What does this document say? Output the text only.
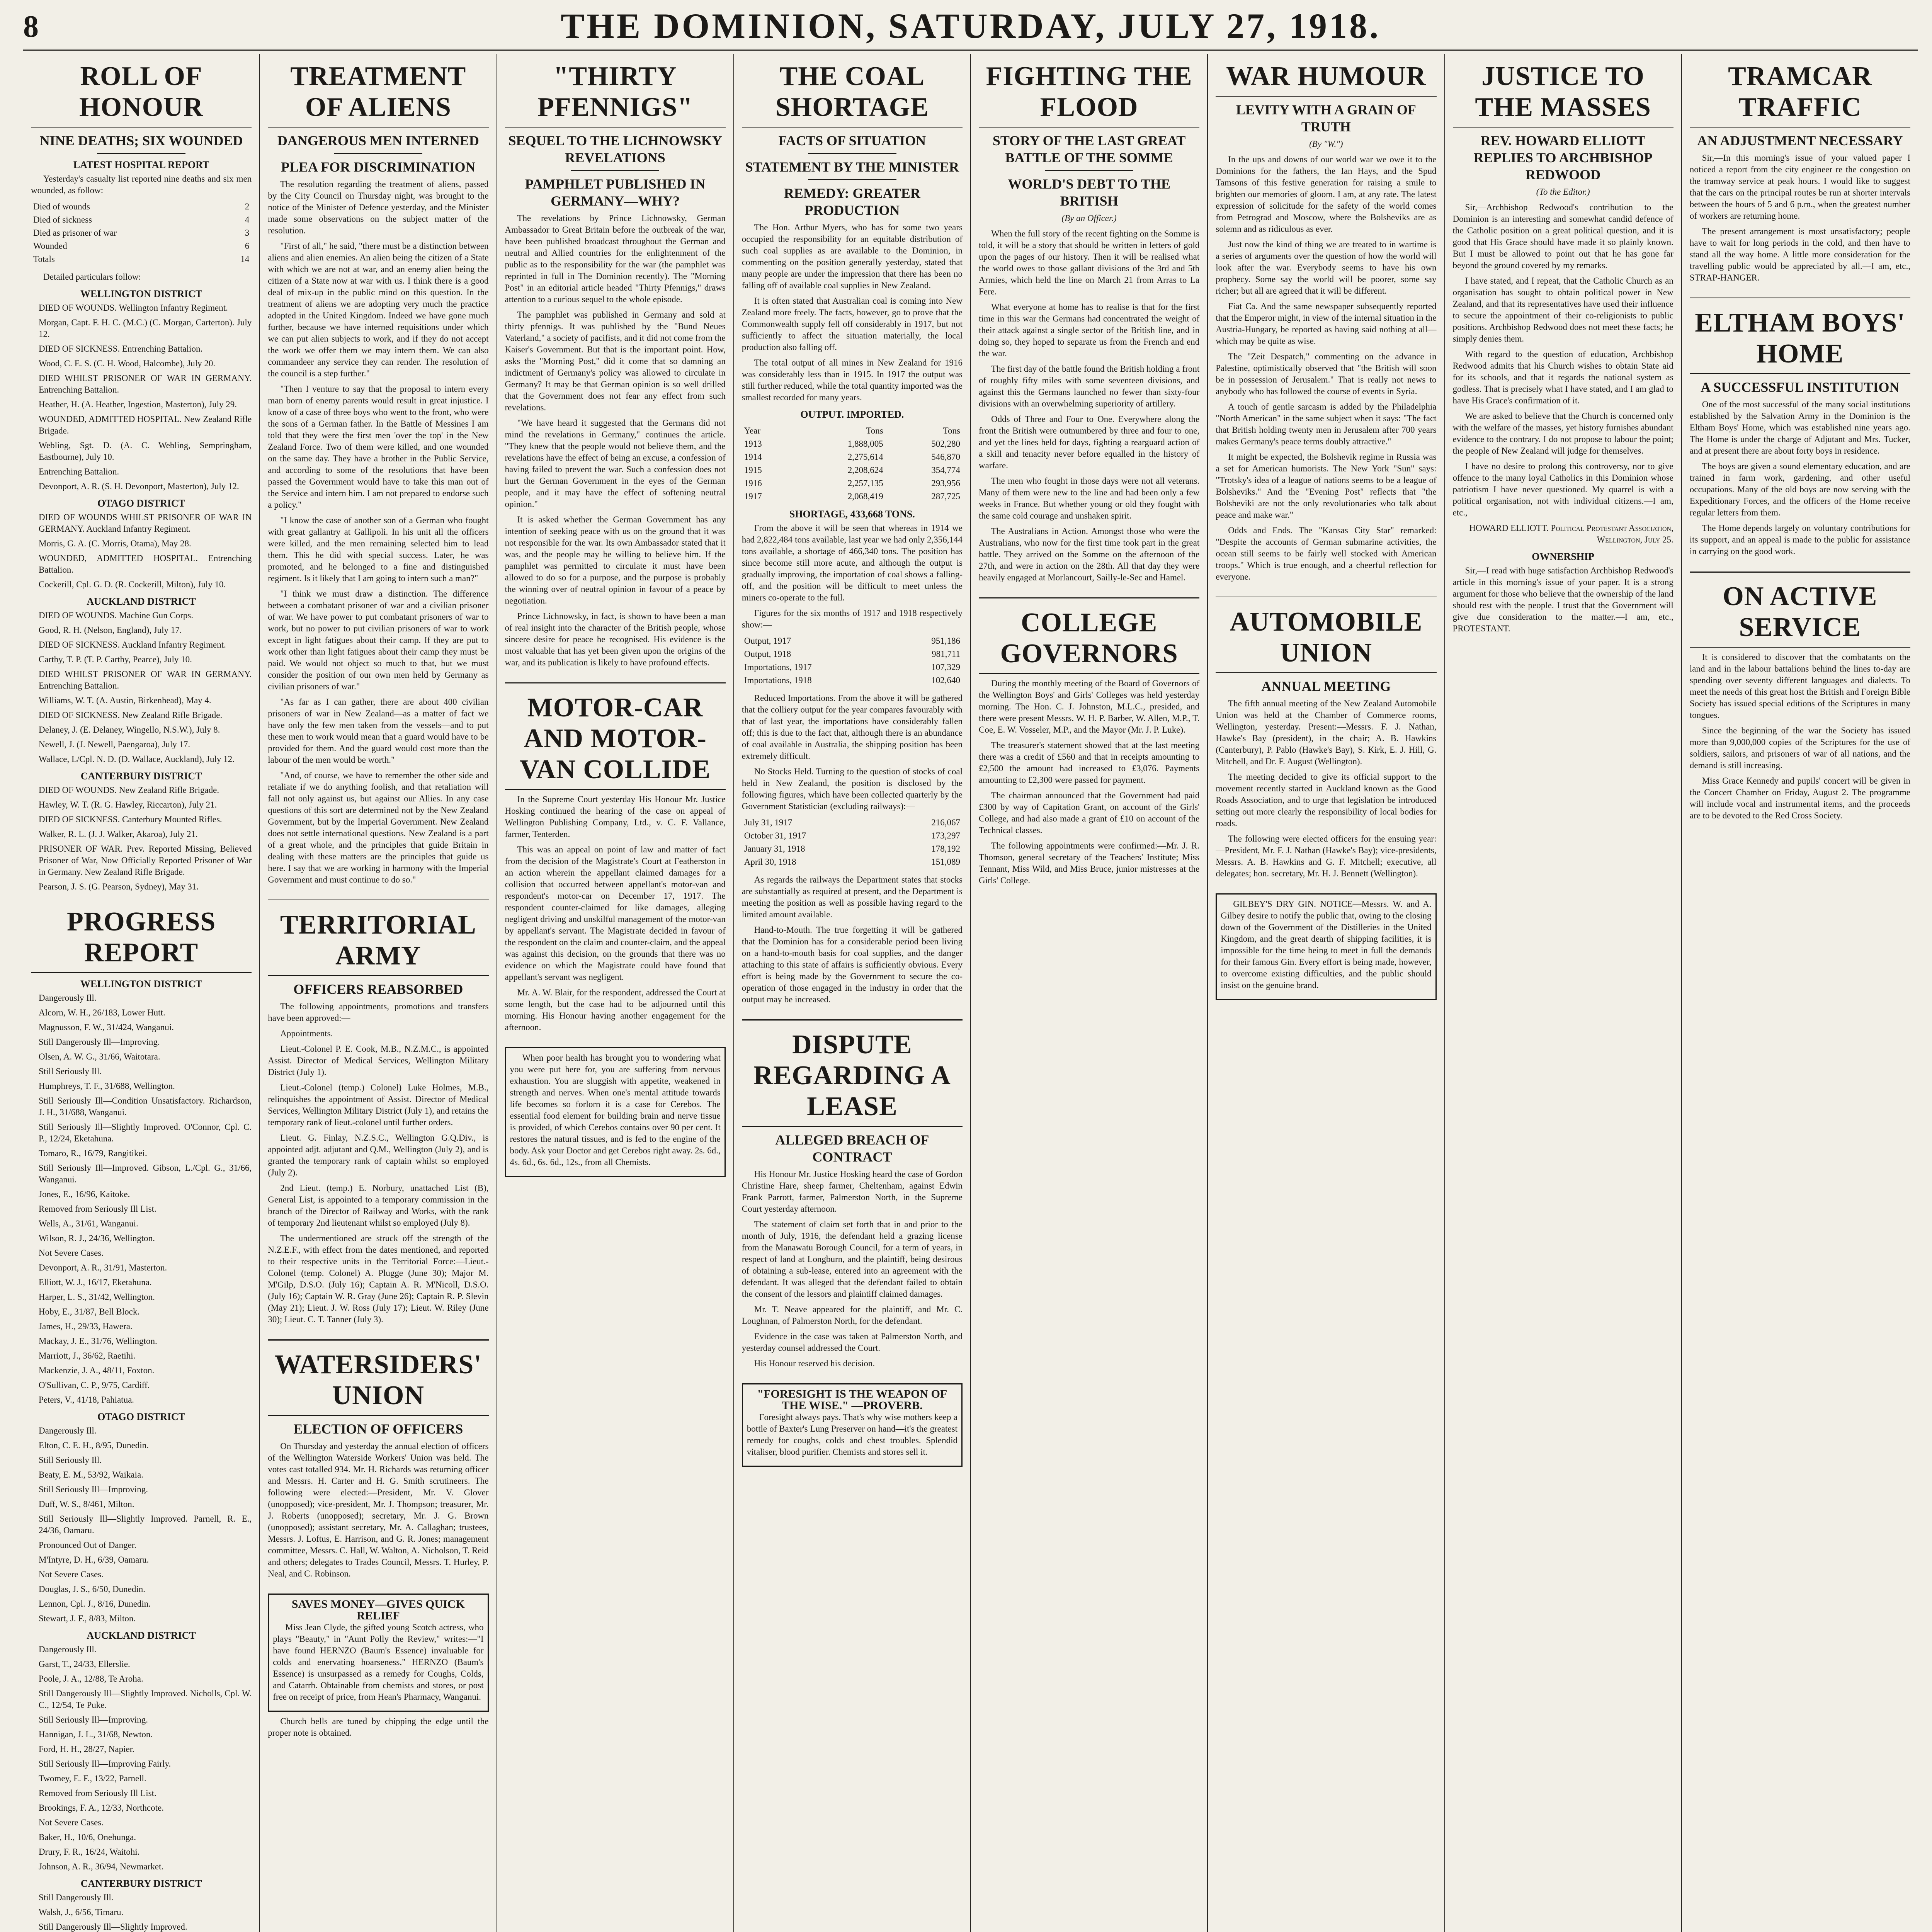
8	THE DOMINION, SATURDAY, JULY 27, 1918.
ROLL OF HONOUR
NINE DEATHS; SIX WOUNDED
LATEST HOSPITAL REPORT

Yesterday's casualty list reported nine deaths and six men wounded, as follow:

Died of wounds	2
Died of sickness	4
Died as prisoner of war	3
Wounded	6
Totals	14

Detailed particulars follow:

WELLINGTON DISTRICT

DIED OF WOUNDS. Wellington Infantry Regiment.

Morgan, Capt. F. H. C. (M.C.) (C. Morgan, Carterton). July 12.

DIED OF SICKNESS. Entrenching Battalion.

Wood, C. E. S. (C. H. Wood, Halcombe), July 20.

DIED WHILST PRISONER OF WAR IN GERMANY. Entrenching Battalion.

Heather, H. (A. Heather, Ingestion, Masterton), July 29.

WOUNDED, ADMITTED HOSPITAL. New Zealand Rifle Brigade.

Webling, Sgt. D. (A. C. Webling, Sempringham, Eastbourne), July 10.

Entrenching Battalion.

Devonport, A. R. (S. H. Devonport, Masterton), July 12.

OTAGO DISTRICT

DIED OF WOUNDS WHILST PRISONER OF WAR IN GERMANY. Auckland Infantry Regiment.

Morris, G. A. (C. Morris, Otama), May 28.

WOUNDED, ADMITTED HOSPITAL. Entrenching Battalion.

Cockerill, Cpl. G. D. (R. Cockerill, Milton), July 10.

AUCKLAND DISTRICT

DIED OF WOUNDS. Machine Gun Corps.

Good, R. H. (Nelson, England), July 17.

DIED OF SICKNESS. Auckland Infantry Regiment.

Carthy, T. P. (T. P. Carthy, Pearce), July 10.

DIED WHILST PRISONER OF WAR IN GERMANY. Entrenching Battalion.

Williams, W. T. (A. Austin, Birkenhead), May 4.

DIED OF SICKNESS. New Zealand Rifle Brigade.

Delaney, J. (E. Delaney, Wingello, N.S.W.), July 8.

Newell, J. (J. Newell, Paengaroa), July 17.

Wallace, L/Cpl. N. D. (D. Wallace, Auckland), July 12.

CANTERBURY DISTRICT

DIED OF WOUNDS. New Zealand Rifle Brigade.

Hawley, W. T. (R. G. Hawley, Riccarton), July 21.

DIED OF SICKNESS. Canterbury Mounted Rifles.

Walker, R. L. (J. J. Walker, Akaroa), July 21.

PRISONER OF WAR. Prev. Reported Missing, Believed Prisoner of War, Now Officially Reported Prisoner of War in Germany. New Zealand Rifle Brigade.

Pearson, J. S. (G. Pearson, Sydney), May 31.

PROGRESS REPORT
WELLINGTON DISTRICT

Dangerously Ill.

Alcorn, W. H., 26/183, Lower Hutt.

Magnusson, F. W., 31/424, Wanganui.

Still Dangerously Ill—Improving.

Olsen, A. W. G., 31/66, Waitotara.

Still Seriously Ill.

Humphreys, T. F., 31/688, Wellington.

Still Seriously Ill—Condition Unsatisfactory. Richardson, J. H., 31/688, Wanganui.

Still Seriously Ill—Slightly Improved. O'Connor, Cpl. C. P., 12/24, Eketahuna.

Tomaro, R., 16/79, Rangitikei.

Still Seriously Ill—Improved. Gibson, L./Cpl. G., 31/66, Wanganui.

Jones, E., 16/96, Kaitoke.

Removed from Seriously Ill List.

Wells, A., 31/61, Wanganui.

Wilson, R. J., 24/36, Wellington.

Not Severe Cases.

Devonport, A. R., 31/91, Masterton.

Elliott, W. J., 16/17, Eketahuna.

Harper, L. S., 31/42, Wellington.

Hoby, E., 31/87, Bell Block.

James, H., 29/33, Hawera.

Mackay, J. E., 31/76, Wellington.

Marriott, J., 36/62, Raetihi.

Mackenzie, J. A., 48/11, Foxton.

O'Sullivan, C. P., 9/75, Cardiff.

Peters, V., 41/18, Pahiatua.

OTAGO DISTRICT

Dangerously Ill.

Elton, C. E. H., 8/95, Dunedin.

Still Seriously Ill.

Beaty, E. M., 53/92, Waikaia.

Still Seriously Ill—Improving.

Duff, W. S., 8/461, Milton.

Still Seriously Ill—Slightly Improved. Parnell, R. E., 24/36, Oamaru.

Pronounced Out of Danger.

M'Intyre, D. H., 6/39, Oamaru.

Not Severe Cases.

Douglas, J. S., 6/50, Dunedin.

Lennon, Cpl. J., 8/16, Dunedin.

Stewart, J. F., 8/83, Milton.

AUCKLAND DISTRICT

Dangerously Ill.

Garst, T., 24/33, Ellerslie.

Poole, J. A., 12/88, Te Aroha.

Still Dangerously Ill—Slightly Improved. Nicholls, Cpl. W. C., 12/54, Te Puke.

Still Seriously Ill—Improving.

Hannigan, J. L., 31/68, Newton.

Ford, H. H., 28/27, Napier.

Still Seriously Ill—Improving Fairly.

Twomey, E. F., 13/22, Parnell.

Removed from Seriously Ill List.

Brookings, F. A., 12/33, Northcote.

Not Severe Cases.

Baker, H., 10/6, Onehunga.

Drury, F. R., 16/24, Waitohi.

Johnson, A. R., 36/94, Newmarket.

CANTERBURY DISTRICT

Still Dangerously Ill.

Walsh, J., 6/56, Timaru.

Still Dangerously Ill—Slightly Improved.

TREATMENT OF ALIENS
DANGEROUS MEN INTERNED
PLEA FOR DISCRIMINATION

The resolution regarding the treatment of aliens, passed by the City Council on Thursday night, was brought to the notice of the Minister of Defence yesterday, and the Minister made some observations on the subject matter of the resolution.

"First of all," he said, "there must be a distinction between aliens and alien enemies. An alien being the citizen of a State with which we are not at war, and an enemy alien being the citizen of a State now at war with us. I think there is a good deal of mix-up in the public mind on this question. In the treatment of aliens we are adopting very much the practice adopted in the United Kingdom. Indeed we have gone much further, because we have interned requisitions under which we can put alien subjects to work, and if they do not accept the work we offer them we may intern them. We can also commandeer any service they can render. The resolution of the council is a step further."

"Then I venture to say that the proposal to intern every man born of enemy parents would result in great injustice. I know of a case of three boys who went to the front, who were the sons of a German father. In the Battle of Messines I am told that they were the first men 'over the top' in the New Zealand Force. Two of them were killed, and one wounded on the same day. They have a brother in the Public Service, and according to some of the resolutions that have been passed the Government would have to take this man out of the Service and intern him. I am not prepared to endorse such a policy."

"I know the case of another son of a German who fought with great gallantry at Gallipoli. In his unit all the officers were killed, and the men remaining selected him to lead them. This he did with special success. Later, he was promoted, and he belonged to a fine and distinguished regiment. Is it likely that I am going to intern such a man?"

"I think we must draw a distinction. The difference between a combatant prisoner of war and a civilian prisoner of war. We have power to put combatant prisoners of war to work, but no power to put civilian prisoners of war to work except in light fatigues about their camp. If they are put to work other than light fatigues about their camp they must be paid. We would not object so much to that, but we must consider the position of our own men held by Germany as civilian prisoners of war."

"As far as I can gather, there are about 400 civilian prisoners of war in New Zealand—as a matter of fact we have only the few men taken from the vessels—and to put these men to work would mean that a guard would have to be provided for them. And the guard would cost more than the labour of the men would be worth."

"And, of course, we have to remember the other side and retaliate if we do anything foolish, and that retaliation will fall not only against us, but against our Allies. In any case questions of this sort are determined not by the New Zealand Government, but by the Imperial Government. New Zealand does not settle international questions. New Zealand is a part of a great whole, and the principles that guide Britain in dealing with these matters are the principles that guide us here. I say that we are working in harmony with the Imperial Government and must continue to do so."

TERRITORIAL ARMY
OFFICERS REABSORBED

The following appointments, promotions and transfers have been approved:—

Appointments.

Lieut.-Colonel P. E. Cook, M.B., N.Z.M.C., is appointed Assist. Director of Medical Services, Wellington Military District (July 1).

Lieut.-Colonel (temp.) Colonel) Luke Holmes, M.B., relinquishes the appointment of Assist. Director of Medical Services, Wellington Military District (July 1), and retains the temporary rank of lieut.-colonel until further orders.

Lieut. G. Finlay, N.Z.S.C., Wellington G.Q.Div., is appointed adjt. adjutant and Q.M., Wellington (July 2), and is granted the temporary rank of captain whilst so employed (July 2).

2nd Lieut. (temp.) E. Norbury, unattached List (B), General List, is appointed to a temporary commission in the branch of the Director of Railway and Works, with the rank of temporary 2nd lieutenant whilst so employed (July 8).

The undermentioned are struck off the strength of the N.Z.E.F., with effect from the dates mentioned, and reported to their respective units in the Territorial Force:—Lieut.-Colonel (temp. Colonel) A. Plugge (June 30); Major M. M'Gilp, D.S.O. (July 16); Captain A. R. M'Nicoll, D.S.O. (July 16); Captain W. R. Gray (June 26); Captain R. P. Slevin (May 21); Lieut. J. W. Ross (July 17); Lieut. W. Riley (June 30); Lieut. C. T. Tanner (July 3).

WATERSIDERS' UNION
ELECTION OF OFFICERS

On Thursday and yesterday the annual election of officers of the Wellington Waterside Workers' Union was held. The votes cast totalled 934. Mr. H. Richards was returning officer and Messrs. H. Carter and H. G. Smith scrutineers. The following were elected:—President, Mr. V. Glover (unopposed); vice-president, Mr. J. Thompson; treasurer, Mr. J. Roberts (unopposed); secretary, Mr. J. G. Brown (unopposed); assistant secretary, Mr. A. Callaghan; trustees, Messrs. J. Loftus, E. Harrison, and G. R. Jones; management committee, Messrs. C. Hall, W. Walton, A. Nicholson, T. Reid and others; delegates to Trades Council, Messrs. T. Hurley, P. Neal, and C. Robinson.

SAVES MONEY—GIVES QUICK RELIEF

Miss Jean Clyde, the gifted young Scotch actress, who plays "Beauty," in "Aunt Polly the Review," writes:—"I have found HERNZO (Baum's Essence) invaluable for colds and enervating hoarseness." HERNZO (Baum's Essence) is unsurpassed as a remedy for Coughs, Colds, and Catarrh. Obtainable from chemists and stores, or post free on receipt of price, from Hean's Pharmacy, Wanganui.

Church bells are tuned by chipping the edge until the proper note is obtained.

"THIRTY PFENNIGS"
SEQUEL TO THE LICHNOWSKY REVELATIONS
PAMPHLET PUBLISHED IN GERMANY—WHY?

The revelations by Prince Lichnowsky, German Ambassador to Great Britain before the outbreak of the war, have been published broadcast throughout the German and neutral and Allied countries for the enlightenment of the public as to the responsibility for the war (the pamphlet was reprinted in full in The Dominion recently). The "Morning Post" in an editorial article headed "Thirty Pfennigs," draws attention to a curious sequel to the whole episode.

The pamphlet was published in Germany and sold at thirty pfennigs. It was published by the "Bund Neues Vaterland," a society of pacifists, and it did not come from the Kaiser's Government. But that is the important point. How, asks the "Morning Post," did it come that so damning an indictment of Germany's policy was allowed to circulate in Germany? It may be that German opinion is so well drilled that the Government does not fear any effect from such revelations.

"We have heard it suggested that the Germans did not mind the revelations in Germany," continues the article. "They knew that the people would not believe them, and the revelations have the effect of being an excuse, a confession of having failed to prevent the war. Such a confession does not hurt the German Government in the eyes of the German people, and it may have the effect of softening neutral opinion."

It is asked whether the German Government has any intention of seeking peace with us on the ground that it was not responsible for the war. Its own Ambassador stated that it was, and the people may be willing to believe him. If the pamphlet was permitted to circulate it must have been allowed to do so for a purpose, and the purpose is probably the winning over of neutral opinion in favour of a peace by negotiation.

Prince Lichnowsky, in fact, is shown to have been a man of real insight into the character of the British people, whose sincere desire for peace he recognised. His evidence is the most valuable that has yet been given upon the origins of the war, and its publication is likely to have profound effects.

MOTOR-CAR AND MOTOR-VAN COLLIDE

In the Supreme Court yesterday His Honour Mr. Justice Hosking continued the hearing of the case on appeal of Wellington Publishing Company, Ltd., v. C. F. Vallance, farmer, Tenterden.

This was an appeal on point of law and matter of fact from the decision of the Magistrate's Court at Featherston in an action wherein the appellant claimed damages for a collision that occurred between appellant's motor-van and respondent's motor-car on December 17, 1917. The respondent counter-claimed for like damages, alleging negligent driving and unskilful management of the motor-van by appellant's servant. The Magistrate decided in favour of the respondent on the claim and counter-claim, and the appeal was against this decision, on the grounds that there was no evidence on which the Magistrate could have found that appellant's servant was negligent.

Mr. A. W. Blair, for the respondent, addressed the Court at some length, but the case had to be adjourned until this morning. His Honour having another engagement for the afternoon.

When poor health has brought you to wondering what you were put here for, you are suffering from nervous exhaustion. You are sluggish with appetite, weakened in strength and nerves. When one's mental attitude towards life becomes so forlorn it is a case for Cerebos. The essential food element for building brain and nerve tissue is provided, of which Cerebos contains over 90 per cent. It restores the natural tissues, and is fed to the engine of the body. Ask your Doctor and get Cerebos right away. 2s. 6d., 4s. 6d., 6s. 6d., 12s., from all Chemists.

THE COAL SHORTAGE
FACTS OF SITUATION
STATEMENT BY THE MINISTER
REMEDY: GREATER PRODUCTION

The Hon. Arthur Myers, who has for some two years occupied the responsibility for an equitable distribution of such coal supplies as are available to the Dominion, in commenting on the position generally yesterday, stated that many people are under the impression that there has been no falling off of available coal supplies in New Zealand.

It is often stated that Australian coal is coming into New Zealand more freely. The facts, however, go to prove that the Commonwealth supply fell off considerably in 1917, but not sufficiently to affect the situation materially, the local production also falling off.

The total output of all mines in New Zealand for 1916 was considerably less than in 1915. In 1917 the output was still further reduced, while the total quantity imported was the smallest recorded for many years.

OUTPUT. IMPORTED.
Year	Tons	Tons
1913	1,888,005	502,280
1914	2,275,614	546,870
1915	2,208,624	354,774
1916	2,257,135	293,956
1917	2,068,419	287,725
SHORTAGE, 433,668 TONS.

From the above it will be seen that whereas in 1914 we had 2,822,484 tons available, last year we had only 2,356,144 tons available, a shortage of 466,340 tons. The position has since become still more acute, and although the output is gradually improving, the importation of coal shows a falling-off, and the position will be difficult to meet unless the miners co-operate to the full.

Figures for the six months of 1917 and 1918 respectively show:—

Output, 1917	951,186
Output, 1918	981,711
Importations, 1917	107,329
Importations, 1918	102,640

Reduced Importations. From the above it will be gathered that the colliery output for the year compares favourably with that of last year, the importations have considerably fallen off; this is due to the fact that, although there is an abundance of coal available in Australia, the shipping position has been extremely difficult.

No Stocks Held. Turning to the question of stocks of coal held in New Zealand, the position is disclosed by the following figures, which have been collected quarterly by the Government Statistician (excluding railways):—

July 31, 1917	216,067
October 31, 1917	173,297
January 31, 1918	178,192
April 30, 1918	151,089

As regards the railways the Department states that stocks are substantially as required at present, and the Department is meeting the position as well as possible having regard to the limited amount available.

Hand-to-Mouth. The true forgetting it will be gathered that the Dominion has for a considerable period been living on a hand-to-mouth basis for coal supplies, and the danger attaching to this state of affairs is sufficiently obvious. Every effort is being made by the Government to secure the co-operation of those engaged in the industry in order that the output may be increased.

DISPUTE REGARDING A LEASE
ALLEGED BREACH OF CONTRACT

His Honour Mr. Justice Hosking heard the case of Gordon Christine Hare, sheep farmer, Cheltenham, against Edwin Frank Parrott, farmer, Palmerston North, in the Supreme Court yesterday afternoon.

The statement of claim set forth that in and prior to the month of July, 1916, the defendant held a grazing license from the Manawatu Borough Council, for a term of years, in respect of land at Longburn, and the plaintiff, being desirous of obtaining a sub-lease, entered into an agreement with the defendant. It was alleged that the defendant failed to obtain the consent of the lessors and plaintiff claimed damages.

Mr. T. Neave appeared for the plaintiff, and Mr. C. Loughnan, of Palmerston North, for the defendant.

Evidence in the case was taken at Palmerston North, and yesterday counsel addressed the Court.

His Honour reserved his decision.

"FORESIGHT IS THE WEAPON OF THE WISE." —PROVERB.

Foresight always pays. That's why wise mothers keep a bottle of Baxter's Lung Preserver on hand—it's the greatest remedy for coughs, colds and chest troubles. Splendid vitaliser, blood purifier. Chemists and stores sell it.

FIGHTING THE FLOOD
STORY OF THE LAST GREAT BATTLE OF THE SOMME
WORLD'S DEBT TO THE BRITISH
(By an Officer.)

When the full story of the recent fighting on the Somme is told, it will be a story that should be written in letters of gold upon the pages of our history. Then it will be realised what the world owes to those gallant divisions of the 3rd and 5th Armies, which held the line on March 21 from Arras to La Fere.

What everyone at home has to realise is that for the first time in this war the Germans had concentrated the weight of their attack against a single sector of the British line, and in doing so, they hoped to separate us from the French and end the war.

The first day of the battle found the British holding a front of roughly fifty miles with some seventeen divisions, and against this the Germans launched no fewer than sixty-four divisions with an overwhelming superiority of artillery.

Odds of Three and Four to One. Everywhere along the front the British were outnumbered by three and four to one, and yet the lines held for days, fighting a rearguard action of a skill and tenacity never before equalled in the history of warfare.

The men who fought in those days were not all veterans. Many of them were new to the line and had been only a few weeks in France. But whether young or old they fought with the same cold courage and unshaken spirit.

The Australians in Action. Amongst those who were the Australians, who now for the first time took part in the great battle. They arrived on the Somme on the afternoon of the 27th, and were in action on the 28th. All that day they were heavily engaged at Morlancourt, Sailly-le-Sec and Hamel.

COLLEGE GOVERNORS

During the monthly meeting of the Board of Governors of the Wellington Boys' and Girls' Colleges was held yesterday morning. The Hon. C. J. Johnston, M.L.C., presided, and there were present Messrs. W. H. P. Barber, W. Allen, M.P., T. Coe, E. W. Vosseler, M.P., and the Mayor (Mr. J. P. Luke).

The treasurer's statement showed that at the last meeting there was a credit of £560 and that in receipts amounting to £2,500 the amount had increased to £3,076. Payments amounting to £2,300 were passed for payment.

The chairman announced that the Government had paid £300 by way of Capitation Grant, on account of the Girls' College, and had also made a grant of £10 on account of the Technical classes.

The following appointments were confirmed:—Mr. J. R. Thomson, general secretary of the Teachers' Institute; Miss Tennant, Miss Wild, and Miss Bruce, junior mistresses at the Girls' College.

WAR HUMOUR
LEVITY WITH A GRAIN OF TRUTH
(By "W.")

In the ups and downs of our world war we owe it to the Dominions for the fathers, the Ian Hays, and the Spud Tamsons of this festive generation for raising a smile to brighten our memories of gloom. I am, at any rate. The latest expression of solicitude for the safety of the world comes from Petrograd and Moscow, where the Bolsheviks are as solemn and as ridiculous as ever.

Just now the kind of thing we are treated to in wartime is a series of arguments over the question of how the world will look after the war. Everybody seems to have his own prophecy. Some say the world will be poorer, some say richer; but all are agreed that it will be different.

Fiat Ca. And the same newspaper subsequently reported that the Emperor might, in view of the internal situation in the Austria-Hungary, be reported as having said nothing at all—which may be quite as wise.

The "Zeit Despatch," commenting on the advance in Palestine, optimistically observed that "the British will soon be in possession of Jerusalem." That is really not news to anybody who has followed the course of events in Syria.

A touch of gentle sarcasm is added by the Philadelphia "North American" in the same subject when it says: "The fact that British holding twenty men in Jerusalem after 700 years makes Germany's peace terms doubly attractive."

It might be expected, the Bolshevik regime in Russia was a set for American humorists. The New York "Sun" says: "Trotsky's idea of a league of nations seems to be a league of Bolsheviks." And the "Evening Post" reflects that "the Bolsheviki are not the only revolutionaries who talk about peace and make war."

Odds and Ends. The "Kansas City Star" remarked: "Despite the accounts of German submarine activities, the ocean still seems to be fairly well stocked with American troops." Which is true enough, and a cheerful reflection for everyone.

AUTOMOBILE UNION
ANNUAL MEETING

The fifth annual meeting of the New Zealand Automobile Union was held at the Chamber of Commerce rooms, Wellington, yesterday. Present:—Messrs. F. J. Nathan, Hawke's Bay (president), in the chair; A. B. Hawkins (Canterbury), P. Pablo (Hawke's Bay), S. Kirk, E. J. Hill, G. Mitchell, and Dr. F. August (Wellington).

The meeting decided to give its official support to the movement recently started in Auckland known as the Good Roads Association, and to urge that legislation be introduced setting out more clearly the responsibility of local bodies for roads.

The following were elected officers for the ensuing year:—President, Mr. F. J. Nathan (Hawke's Bay); vice-presidents, Messrs. A. B. Hawkins and G. F. Mitchell; executive, all delegates; hon. secretary, Mr. H. J. Bennett (Wellington).

GILBEY'S DRY GIN. NOTICE—Messrs. W. and A. Gilbey desire to notify the public that, owing to the closing down of the Government of the Distilleries in the United Kingdom, and the great dearth of shipping facilities, it is impossible for the time being to meet in full the demands for their famous Gin. Every effort is being made, however, to overcome existing difficulties, and the public should insist on the genuine brand.

JUSTICE TO THE MASSES
REV. HOWARD ELLIOTT REPLIES TO ARCHBISHOP REDWOOD
(To the Editor.)

Sir,—Archbishop Redwood's contribution to the Dominion is an interesting and somewhat candid defence of the Catholic position on a great political question, and it is good that His Grace should have made it so plainly known. But I must be allowed to point out that he has gone far beyond the ground covered by my remarks.

I have stated, and I repeat, that the Catholic Church as an organisation has sought to obtain political power in New Zealand, and that its representatives have used their influence to secure the appointment of their co-religionists to public positions. Archbishop Redwood does not meet these facts; he simply denies them.

With regard to the question of education, Archbishop Redwood admits that his Church wishes to obtain State aid for its schools, and that it regards the national system as godless. That is precisely what I have stated, and I am glad to have His Grace's confirmation of it.

We are asked to believe that the Church is concerned only with the welfare of the masses, yet history furnishes abundant evidence to the contrary. I do not propose to labour the point; the people of New Zealand will judge for themselves.

I have no desire to prolong this controversy, nor to give offence to the many loyal Catholics in this Dominion whose patriotism I have never questioned. My quarrel is with a political organisation, not with individual citizens.—I am, etc.,

HOWARD ELLIOTT. Political Protestant Association, Wellington, July 25.

OWNERSHIP

Sir,—I read with huge satisfaction Archbishop Redwood's article in this morning's issue of your paper. It is a strong argument for those who believe that the ownership of the land should rest with the people. I trust that the Government will give due consideration to the matter.—I am, etc., PROTESTANT.

TRAMCAR TRAFFIC
AN ADJUSTMENT NECESSARY

Sir,—In this morning's issue of your valued paper I noticed a report from the city engineer re the congestion on the tramway service at peak hours. I would like to suggest that the cars on the principal routes be run at shorter intervals between the hours of 5 and 6 p.m., when the greatest number of workers are returning home.

The present arrangement is most unsatisfactory; people have to wait for long periods in the cold, and then have to stand all the way home. A little more consideration for the travelling public would be appreciated by all.—I am, etc., STRAP-HANGER.

ELTHAM BOYS' HOME
A SUCCESSFUL INSTITUTION

One of the most successful of the many social institutions established by the Salvation Army in the Dominion is the Eltham Boys' Home, which was established nine years ago. The Home is under the charge of Adjutant and Mrs. Tucker, and at present there are about forty boys in residence.

The boys are given a sound elementary education, and are trained in farm work, gardening, and other useful occupations. Many of the old boys are now serving with the Expeditionary Forces, and the officers of the Home receive regular letters from them.

The Home depends largely on voluntary contributions for its support, and an appeal is made to the public for assistance in carrying on the good work.

ON ACTIVE SERVICE

It is considered to discover that the combatants on the land and in the labour battalions behind the lines to-day are spending over seventy different languages and dialects. To meet the needs of this great host the British and Foreign Bible Society has issued special editions of the Scriptures in many tongues.

Since the beginning of the war the Society has issued more than 9,000,000 copies of the Scriptures for the use of soldiers, sailors, and prisoners of war of all nations, and the demand is still increasing.

Miss Grace Kennedy and pupils' concert will be given in the Concert Chamber on Friday, August 2. The programme will include vocal and instrumental items, and the proceeds are to be devoted to the Red Cross Society.
